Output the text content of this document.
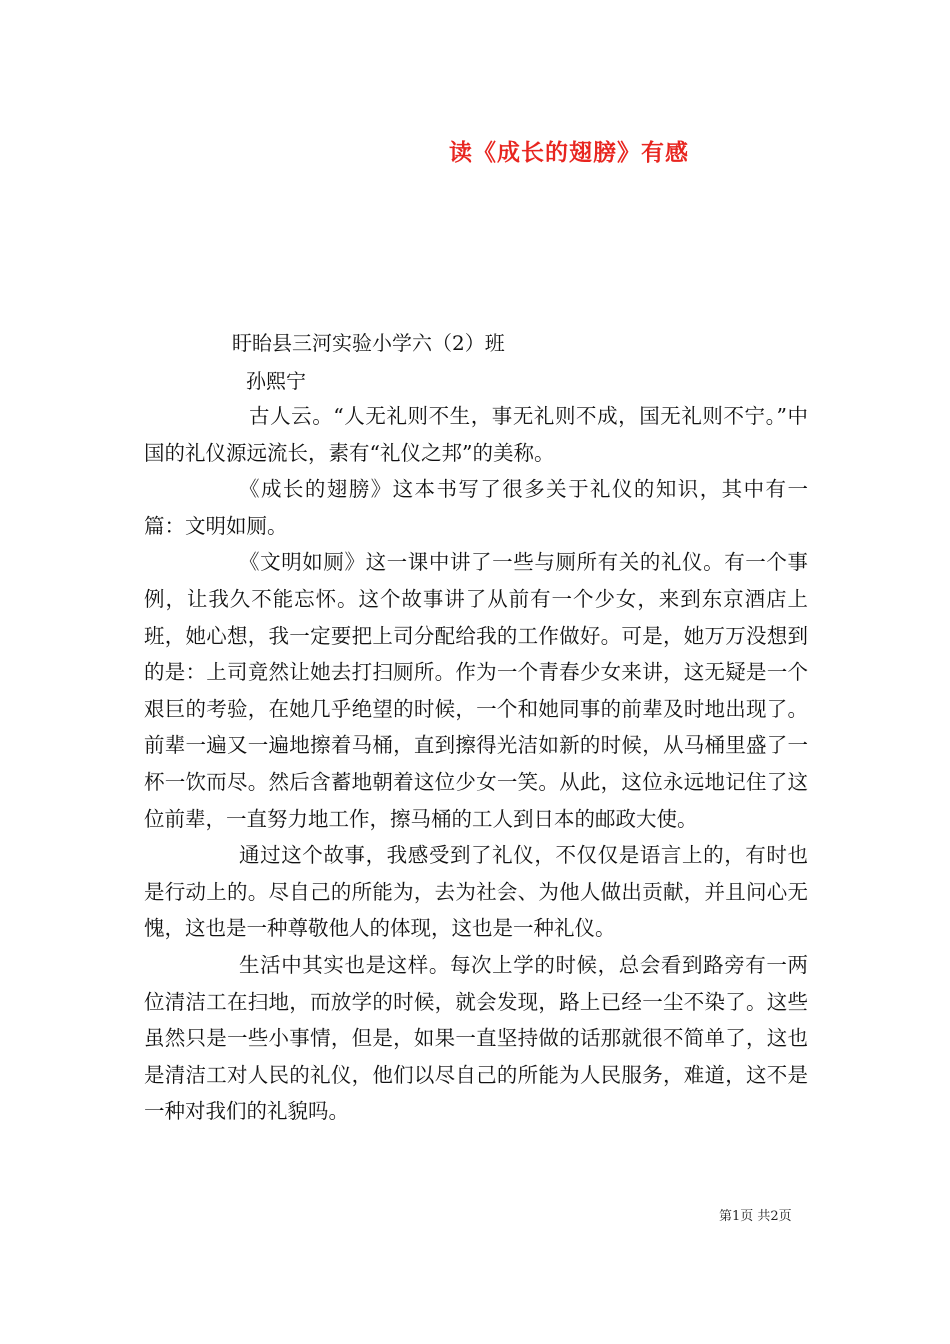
读《成长的翅膀》有感
盱眙县三河实验小学六（2）班
孙熙宁

古人云。“人无礼则不生，事无礼则不成，国无礼则不宁。”中国的礼仪源远流长，素有“礼仪之邦”的美称。

《成长的翅膀》这本书写了很多关于礼仪的知识，其中有一篇：文明如厕。

《文明如厕》这一课中讲了一些与厕所有关的礼仪。有一个事例，让我久不能忘怀。这个故事讲了从前有一个少女，来到东京酒店上班，她心想，我一定要把上司分配给我的工作做好。可是，她万万没想到的是：上司竟然让她去打扫厕所。作为一个青春少女来讲，这无疑是一个艰巨的考验，在她几乎绝望的时候，一个和她同事的前辈及时地出现了。前辈一遍又一遍地擦着马桶，直到擦得光洁如新的时候，从马桶里盛了一杯一饮而尽。然后含蓄地朝着这位少女一笑。从此，这位永远地记住了这位前辈，一直努力地工作，擦马桶的工人到日本的邮政大使。

通过这个故事，我感受到了礼仪，不仅仅是语言上的，有时也是行动上的。尽自己的所能为，去为社会、为他人做出贡献，并且问心无愧，这也是一种尊敬他人的体现，这也是一种礼仪。

生活中其实也是这样。每次上学的时候，总会看到路旁有一两位清洁工在扫地，而放学的时候，就会发现，路上已经一尘不染了。这些虽然只是一些小事情，但是，如果一直坚持做的话那就很不简单了，这也是清洁工对人民的礼仪，他们以尽自己的所能为人民服务，难道，这不是一种对我们的礼貌吗。

第1页 共2页
